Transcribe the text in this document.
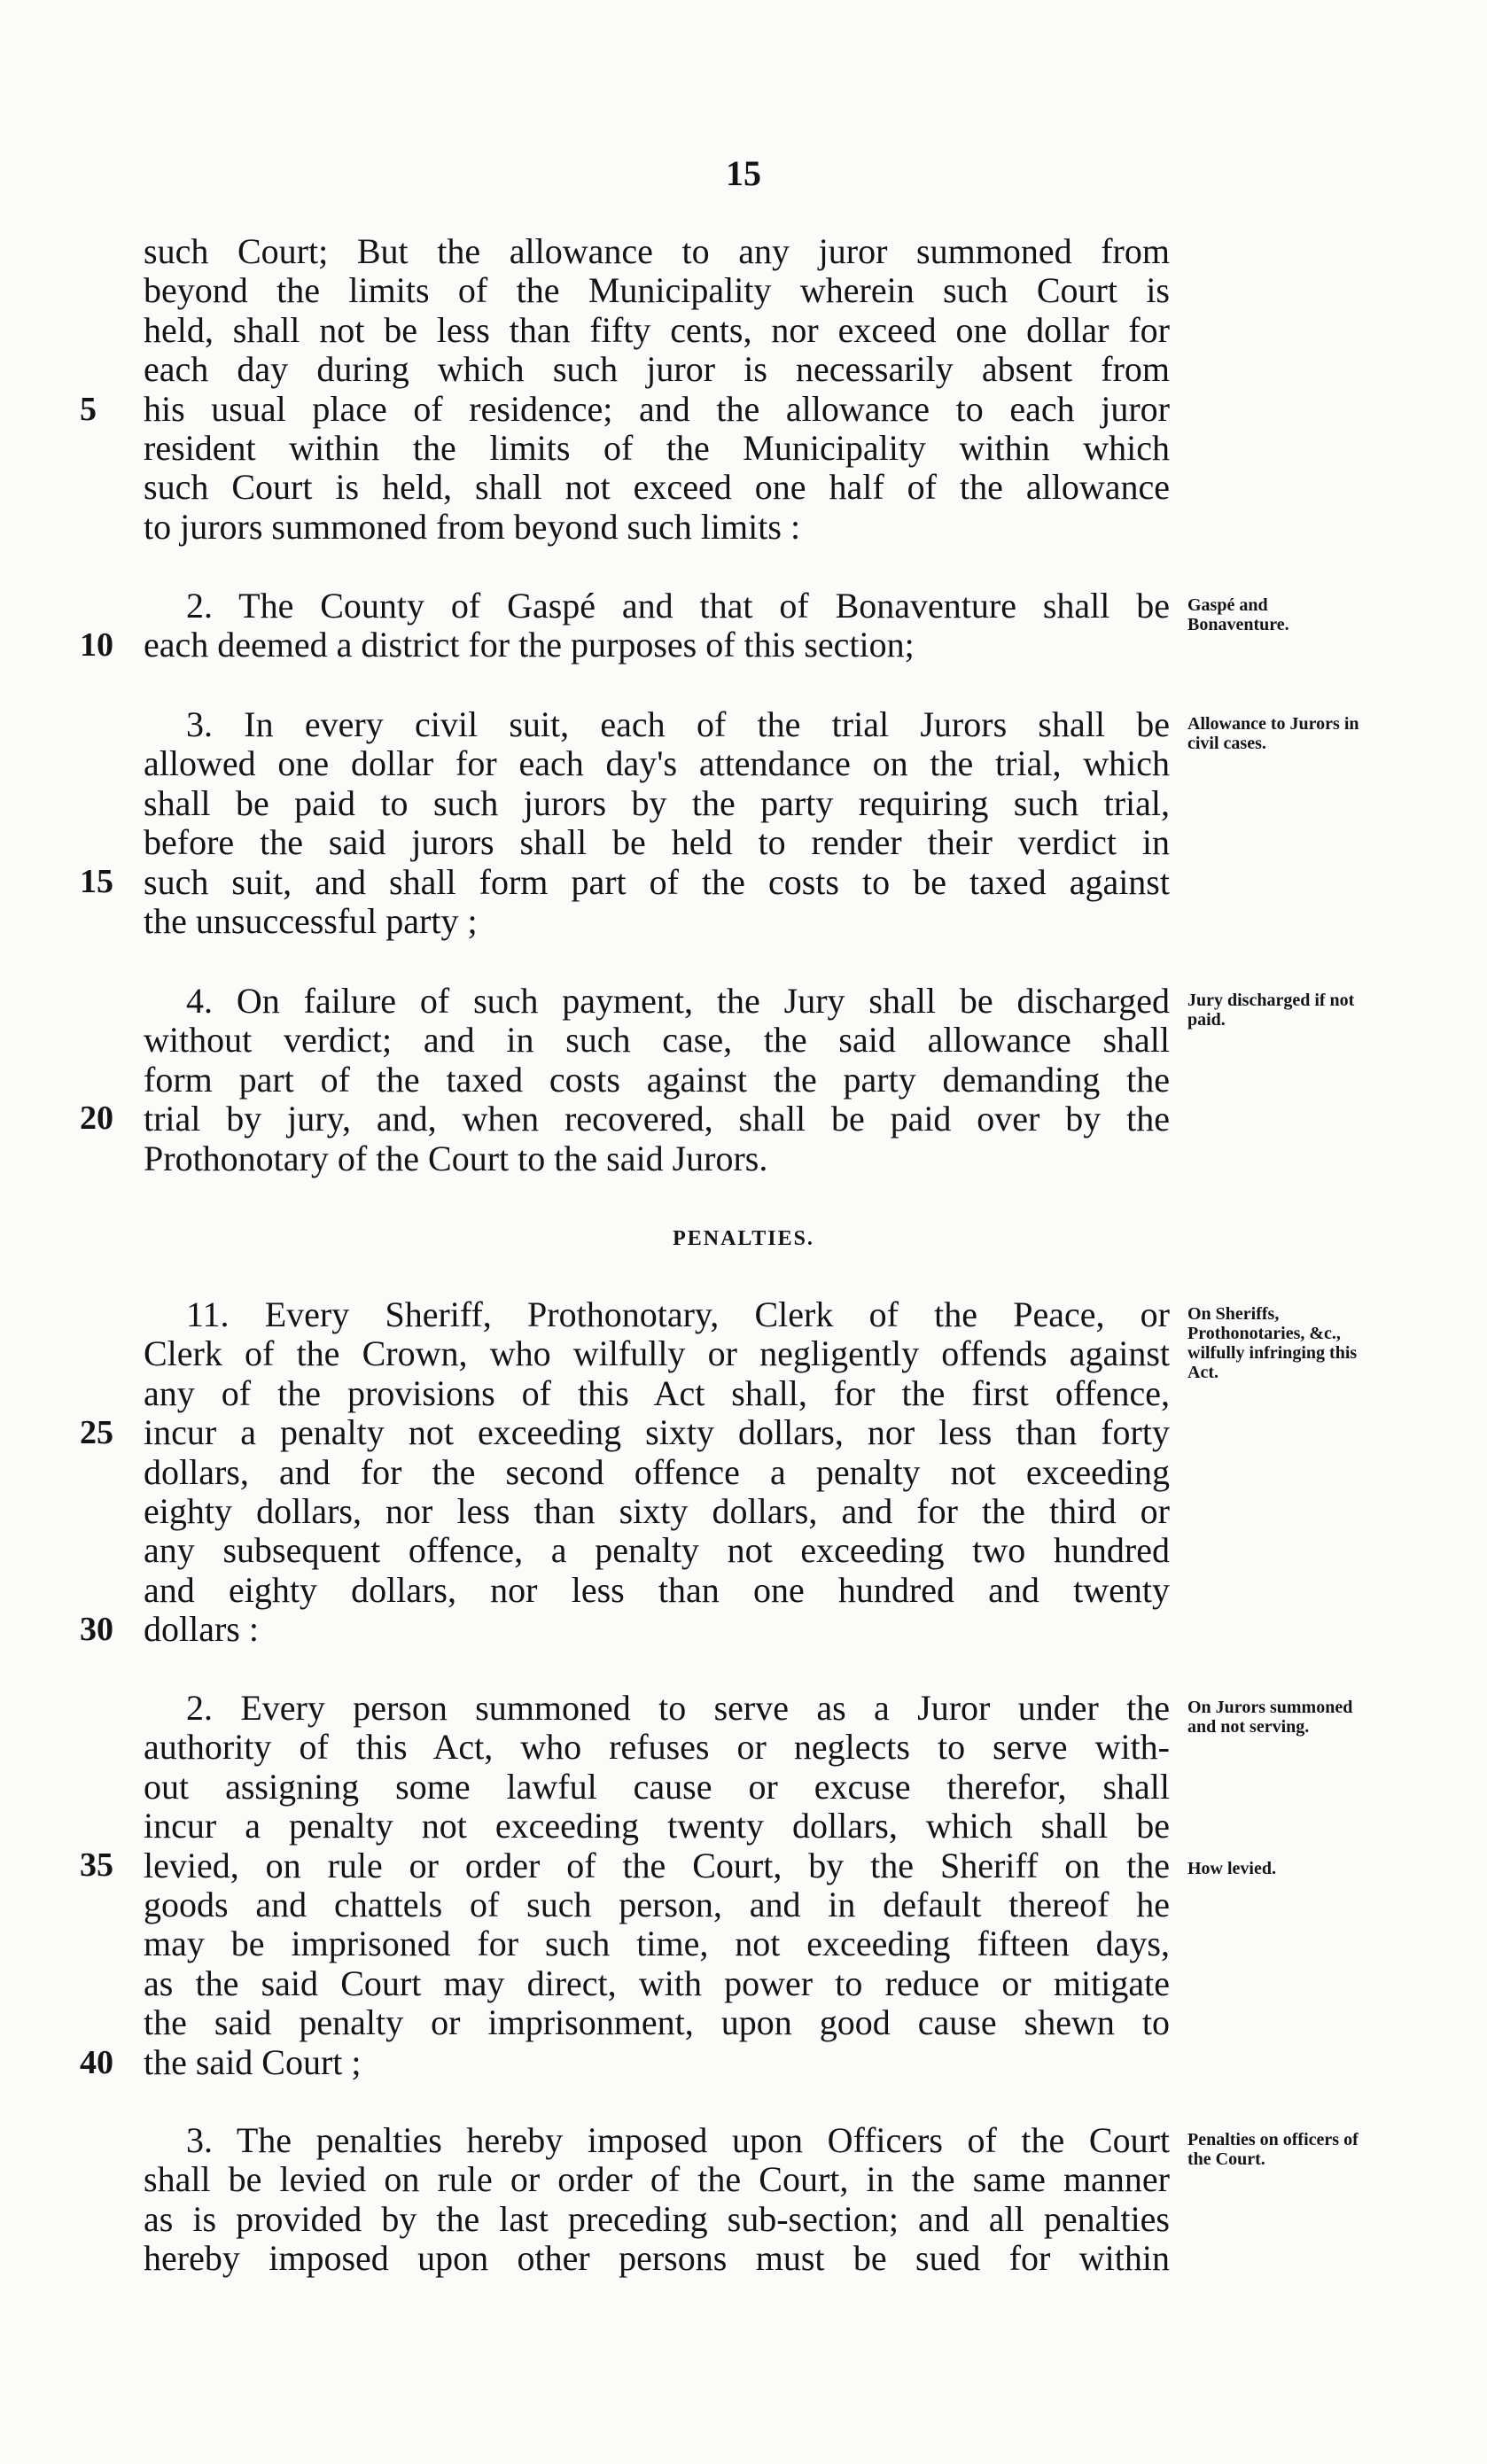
15
such Court; But the allowance to any juror summoned from
beyond the limits of the Municipality wherein such Court is
held, shall not be less than fifty cents, nor exceed one dollar for
each day during which such juror is necessarily absent from
his usual place of residence; and the allowance to each juror
resident within the limits of the Municipality within which
such Court is held, shall not exceed one half of the allowance
to jurors summoned from beyond such limits :
2. The County of Gaspé and that of Bonaventure shall be
each deemed a district for the purposes of this section;
3. In every civil suit, each of the trial Jurors shall be
allowed one dollar for each day's attendance on the trial, which
shall be paid to such jurors by the party requiring such trial,
before the said jurors shall be held to render their verdict in
such suit, and shall form part of the costs to be taxed against
the unsuccessful party ;
4. On failure of such payment, the Jury shall be discharged
without verdict; and in such case, the said allowance shall
form part of the taxed costs against the party demanding the
trial by jury, and, when recovered, shall be paid over by the
Prothonotary of the Court to the said Jurors.
PENALTIES.
11. Every Sheriff, Prothonotary, Clerk of the Peace, or
Clerk of the Crown, who wilfully or negligently offends against
any of the provisions of this Act shall, for the first offence,
incur a penalty not exceeding sixty dollars, nor less than forty
dollars, and for the second offence a penalty not exceeding
eighty dollars, nor less than sixty dollars, and for the third or
any subsequent offence, a penalty not exceeding two hundred
and eighty dollars, nor less than one hundred and twenty
dollars :
2. Every person summoned to serve as a Juror under the
authority of this Act, who refuses or neglects to serve with-
out assigning some lawful cause or excuse therefor, shall
incur a penalty not exceeding twenty dollars, which shall be
levied, on rule or order of the Court, by the Sheriff on the
goods and chattels of such person, and in default thereof he
may be imprisoned for such time, not exceeding fifteen days,
as the said Court may direct, with power to reduce or mitigate
the said penalty or imprisonment, upon good cause shewn to
the said Court ;
3. The penalties hereby imposed upon Officers of the Court
shall be levied on rule or order of the Court, in the same manner
as is provided by the last preceding sub-section; and all penalties
hereby imposed upon other persons must be sued for within
5
10
15
20
25
30
35
40
Gaspé and Bonaventure.
Allowance to Jurors in civil cases.
Jury discharged if not paid.
On Sheriffs, Prothonotaries, &c., wilfully infringing this Act.
On Jurors summoned and not serving.
How levied.
Penalties on officers of the Court.
